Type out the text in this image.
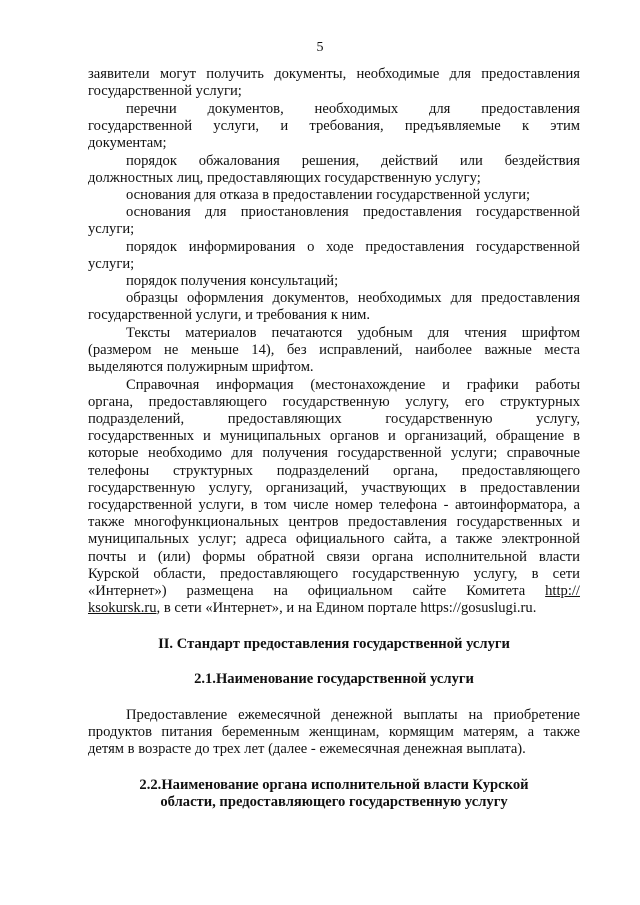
5
заявители могут получить документы, необходимые для предоставления
государственной услуги;
перечни документов, необходимых для предоставления
государственной услуги, и требования, предъявляемые к этим
документам;
порядок обжалования решения, действий или бездействия
должностных лиц, предоставляющих государственную услугу;
основания для отказа в предоставлении государственной услуги;
основания для приостановления предоставления государственной
услуги;
порядок информирования о ходе предоставления государственной
услуги;
порядок получения консультаций;
образцы оформления документов, необходимых для предоставления
государственной услуги, и требования к ним.
Тексты материалов печатаются удобным для чтения шрифтом
(размером не меньше 14), без исправлений, наиболее важные места
выделяются полужирным шрифтом.
Справочная информация (местонахождение и графики работы
органа, предоставляющего государственную услугу, его структурных
подразделений, предоставляющих государственную услугу,
государственных и муниципальных органов и организаций, обращение в
которые необходимо для получения государственной услуги; справочные
телефоны структурных подразделений органа, предоставляющего
государственную услугу, организаций, участвующих в предоставлении
государственной услуги, в том числе номер телефона - автоинформатора, а
также многофункциональных центров предоставления государственных и
муниципальных услуг; адреса официального сайта, а также электронной
почты и (или) формы обратной связи органа исполнительной власти
Курской области, предоставляющего государственную услугу, в сети
«Интернет») размещена на официальном сайте Комитета http://
ksokursk.ru, в сети «Интернет», и на Едином портале https://gosuslugi.ru.
II. Стандарт предоставления государственной услуги
2.1.Наименование государственной услуги
Предоставление ежемесячной денежной выплаты на приобретение
продуктов питания беременным женщинам, кормящим матерям, а также
детям в возрасте до трех лет (далее - ежемесячная денежная выплата).
2.2.Наименование органа исполнительной власти Курской
области, предоставляющего государственную услугу
